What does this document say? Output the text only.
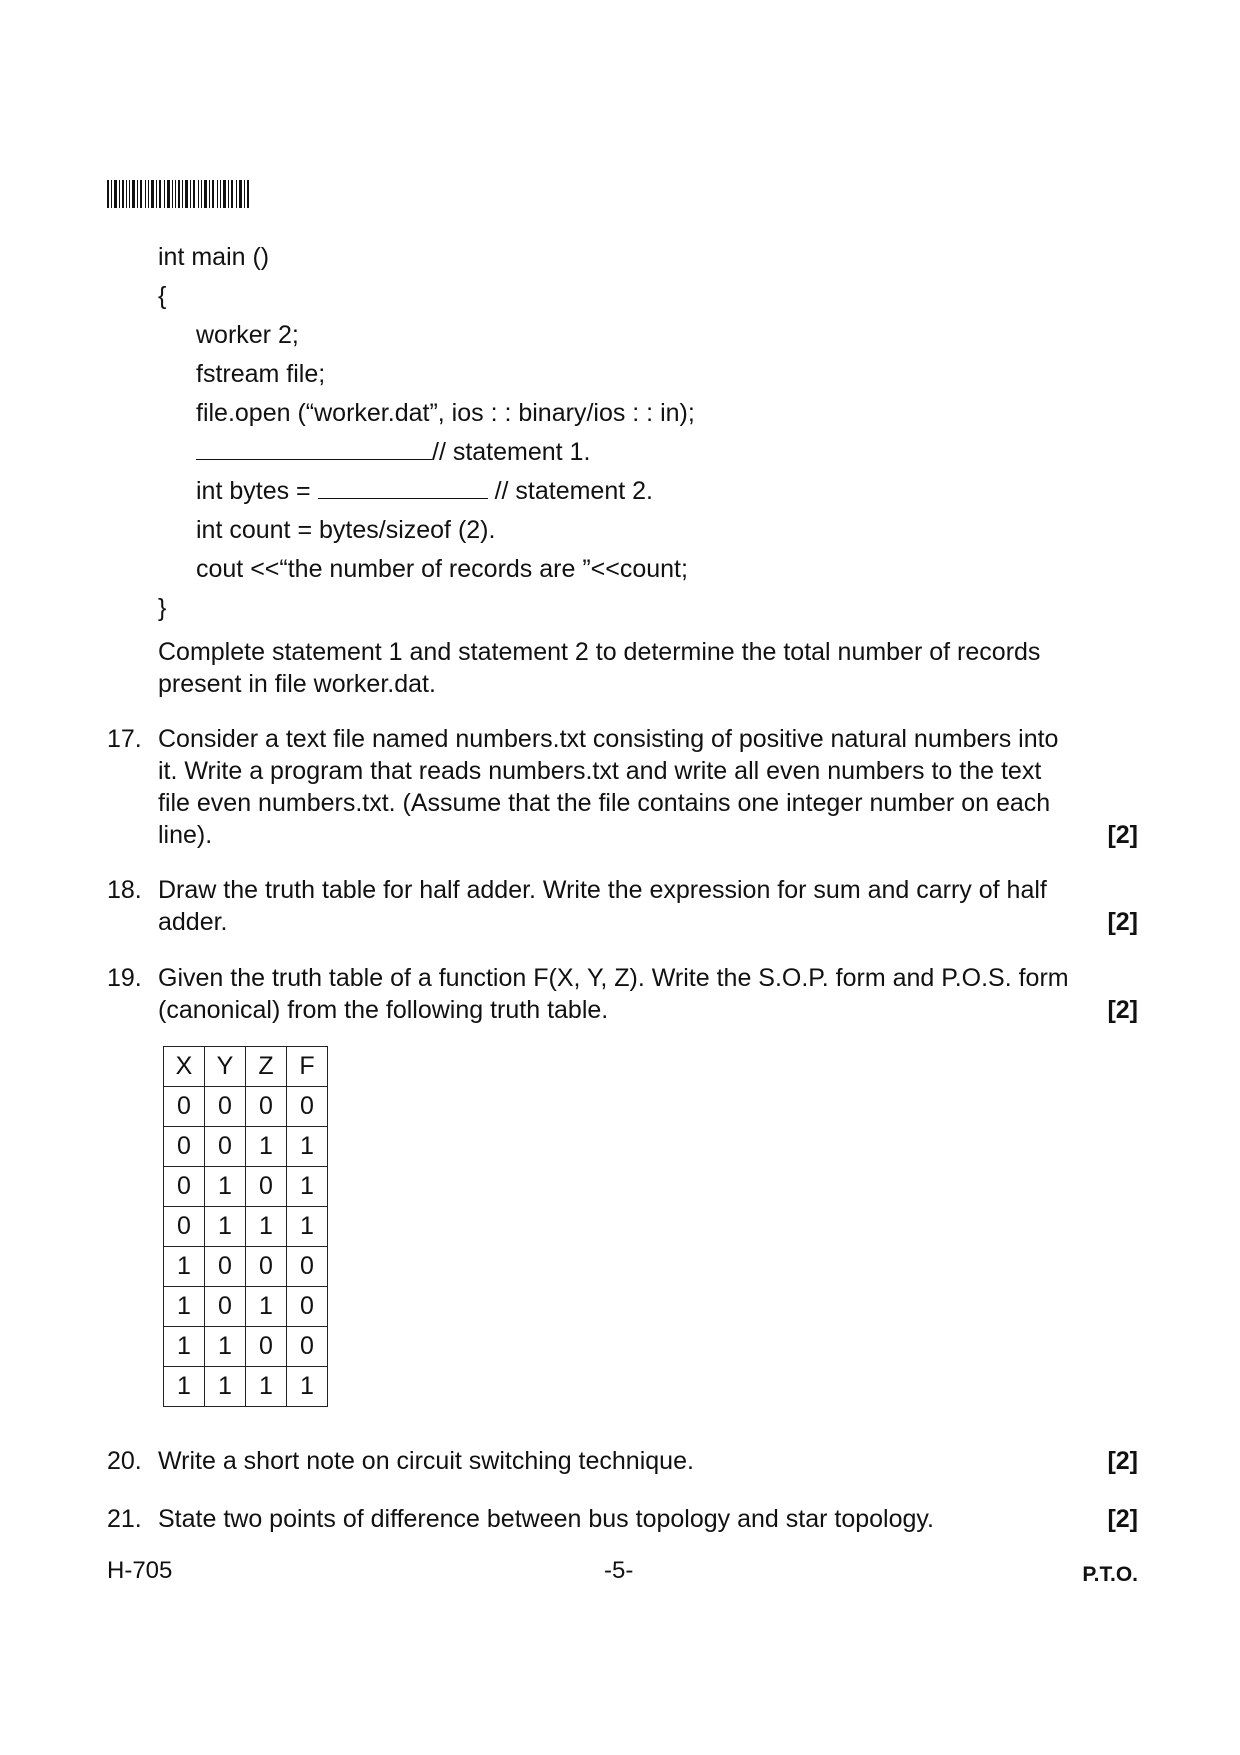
int main ()
{
worker 2;
fstream file;
file.open (“worker.dat”, ios : : binary/ios : : in);
// statement 1.
int bytes =	// statement 2.
int count = bytes/sizeof (2).
cout <<“the number of records are ”<<count;
}
Complete statement 1 and statement 2 to determine the total number of records present in file worker.dat.
17. Consider a text file named numbers.txt consisting of positive natural numbers into it. Write a program that reads numbers.txt and write all even numbers to the text file even numbers.txt. (Assume that the file contains one integer number on each line).	[2]
18. Draw the truth table for half adder. Write the expression for sum and carry of half adder.	[2]
19. Given the truth table of a function F(X, Y, Z). Write the S.O.P. form and P.O.S. form (canonical) from the following truth table.	[2]
X	Y	Z	F
0	0	0	0
0	0	1	1
0	1	0	1
0	1	1	1
1	0	0	0
1	0	1	0
1	1	0	0
1	1	1	1
20. Write a short note on circuit switching technique.	[2]
21. State two points of difference between bus topology and star topology.	[2]
H-705	-5-	P.T.O.
